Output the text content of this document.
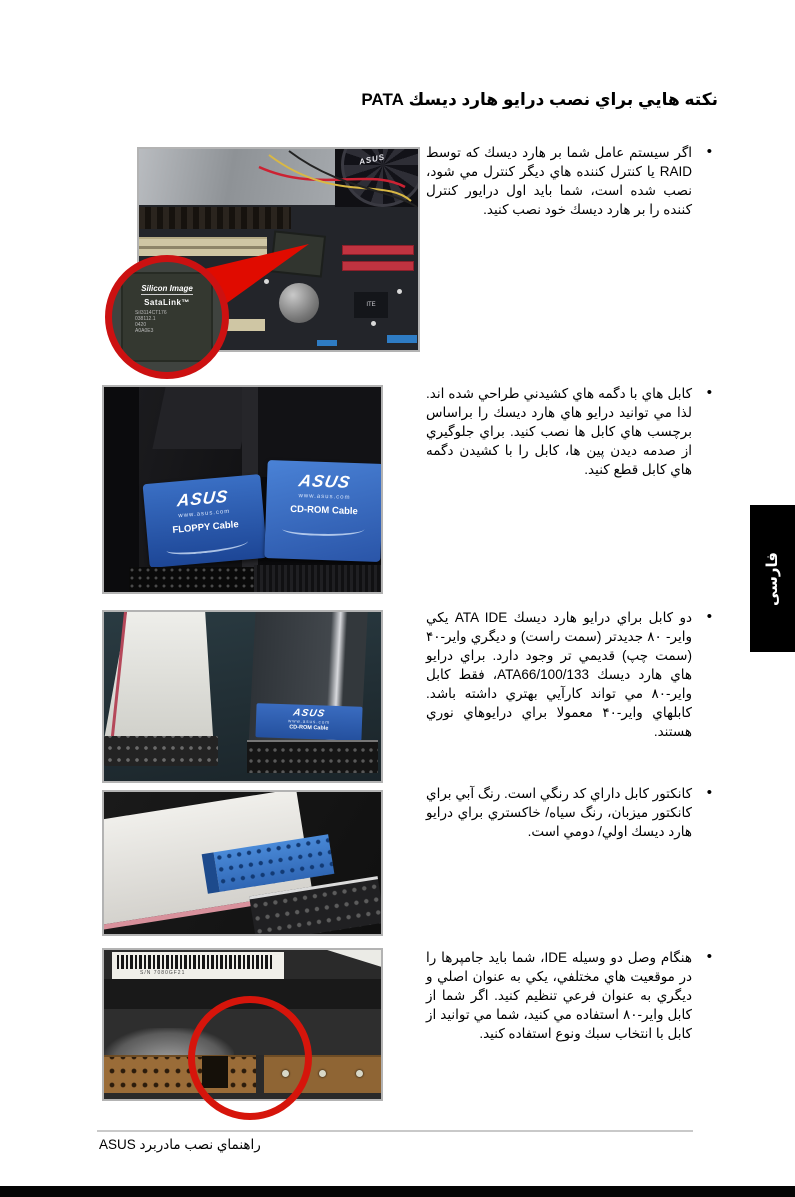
نكته هايي براي نصب درايو هارد ديسك PATA
• اگر سيستم عامل شما بر هارد ديسك كه توسط RAID يا كنترل كننده هاي ديگر كنترل مي شود، نصب شده است، شما بايد اول درايور كنترل كننده را بر هارد ديسك خود نصب كنيد.
• كابل هاي با دگمه هاي كشيدني طراحي شده اند. لذا مي توانيد درايو هاي هارد ديسك را براساس برچسب هاي كابل ها نصب كنيد. براي جلوگيري از صدمه ديدن پين ها، كابل را با كشيدن دگمه هاي كابل قطع كنيد.
• دو كابل براي درايو هارد ديسك ATA IDE يكي واير- ۸۰ جديدتر (سمت راست) و ديگري واير-۴۰ (سمت چپ) قديمي تر وجود دارد. براي درايو هاي هارد ديسك ATA66/100/133، فقط كابل واير-۸۰ مي تواند كارآيي بهتري داشته باشد. كابلهاي واير-۴۰ معمولا براي درايوهاي نوري هستند.
• كانكتور كابل داراي كد رنگي است. رنگ آبي براي كانكتور ميزبان، رنگ سياه/ خاكستري براي درايو هارد ديسك اولي/ دومي است.
• هنگام وصل دو وسيله IDE، شما بايد جامپرها را در موقعيت هاي مختلفي، يكي به عنوان اصلي و ديگري به عنوان فرعي تنظيم كنيد. اگر شما از كابل واير-۸۰ استفاده مي كنيد، شما مي توانيد از كابل با انتخاب سبك ونوع استفاده كنيد.
ASUS
ITE
Silicon Image
SataLink™
SiI3114CT176
038112.1
0420
A0A0E3
ASUS
www.asus.com
FLOPPY Cable
ASUS
www.asus.com
CD-ROM Cable
ASUS
www.asus.com
CD-ROM Cable
S/N 7080GF21
فارسی
راهنماي نصب مادربرد ASUS
